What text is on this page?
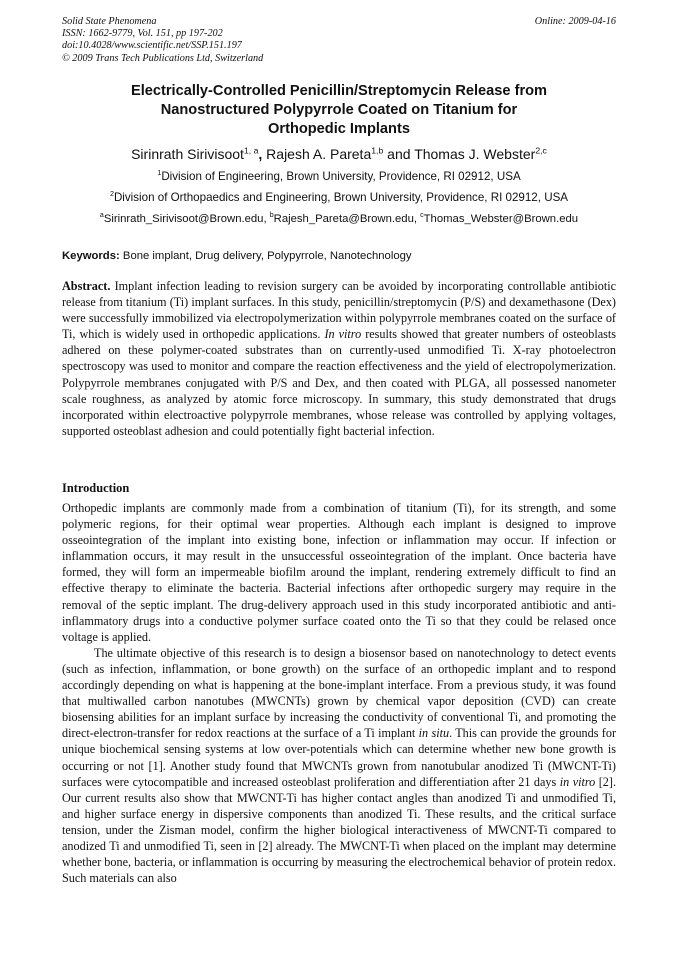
Solid State Phenomena
ISSN: 1662-9779, Vol. 151, pp 197-202
doi:10.4028/www.scientific.net/SSP.151.197
© 2009 Trans Tech Publications Ltd, Switzerland
Online: 2009-04-16
Electrically-Controlled Penicillin/Streptomycin Release from
Nanostructured Polypyrrole Coated on Titanium for
Orthopedic Implants
Sirinrath Sirivisoot$^{1, a}$, Rajesh A. Pareta$^{1,b}$ and Thomas J. Webster$^{2,c}$
$^1$Division of Engineering, Brown University, Providence, RI 02912, USA
$^2$Division of Orthopaedics and Engineering, Brown University, Providence, RI 02912, USA
$^a$Sirinrath_Sirivisoot@Brown.edu, $^b$Rajesh_Pareta@Brown.edu, $^c$Thomas_Webster@Brown.edu
Keywords: Bone implant, Drug delivery, Polypyrrole, Nanotechnology

Abstract. Implant infection leading to revision surgery can be avoided by incorporating controllable antibiotic release from titanium (Ti) implant surfaces. In this study, penicillin/streptomycin (P/S) and dexamethasone (Dex) were successfully immobilized via electropolymerization within polypyrrole membranes coated on the surface of Ti, which is widely used in orthopedic applications. In vitro results showed that greater numbers of osteoblasts adhered on these polymer-coated substrates than on currently-used unmodified Ti. X-ray photoelectron spectroscopy was used to monitor and compare the reaction effectiveness and the yield of electropolymerization. Polypyrrole membranes conjugated with P/S and Dex, and then coated with PLGA, all possessed nanometer scale roughness, as analyzed by atomic force microscopy. In summary, this study demonstrated that drugs incorporated within electroactive polypyrrole membranes, whose release was controlled by applying voltages, supported osteoblast adhesion and could potentially fight bacterial infection.

Introduction

Orthopedic implants are commonly made from a combination of titanium (Ti), for its strength, and some polymeric regions, for their optimal wear properties. Although each implant is designed to improve osseointegration of the implant into existing bone, infection or inflammation may occur. If infection or inflammation occurs, it may result in the unsuccessful osseointegration of the implant. Once bacteria have formed, they will form an impermeable biofilm around the implant, rendering extremely difficult to find an effective therapy to eliminate the bacteria. Bacterial infections after orthopedic surgery may require in the removal of the septic implant. The drug-delivery approach used in this study incorporated antibiotic and anti-inflammatory drugs into a conductive polymer surface coated onto the Ti so that they could be relased once voltage is applied.

The ultimate objective of this research is to design a biosensor based on nanotechnology to detect events (such as infection, inflammation, or bone growth) on the surface of an orthopedic implant and to respond accordingly depending on what is happening at the bone-implant interface. From a previous study, it was found that multiwalled carbon nanotubes (MWCNTs) grown by chemical vapor deposition (CVD) can create biosensing abilities for an implant surface by increasing the conductivity of conventional Ti, and promoting the direct-electron-transfer for redox reactions at the surface of a Ti implant in situ. This can provide the grounds for unique biochemical sensing systems at low over-potentials which can determine whether new bone growth is occurring or not [1]. Another study found that MWCNTs grown from nanotubular anodized Ti (MWCNT-Ti) surfaces were cytocompatible and increased osteoblast proliferation and differentiation after 21 days in vitro [2]. Our current results also show that MWCNT-Ti has higher contact angles than anodized Ti and unmodified Ti, and higher surface energy in dispersive components than anodized Ti. These results, and the critical surface tension, under the Zisman model, confirm the higher biological interactiveness of MWCNT-Ti compared to anodized Ti and unmodified Ti, seen in [2] already. The MWCNT-Ti when placed on the implant may determine whether bone, bacteria, or inflammation is occurring by measuring the electrochemical behavior of protein redox. Such materials can also
